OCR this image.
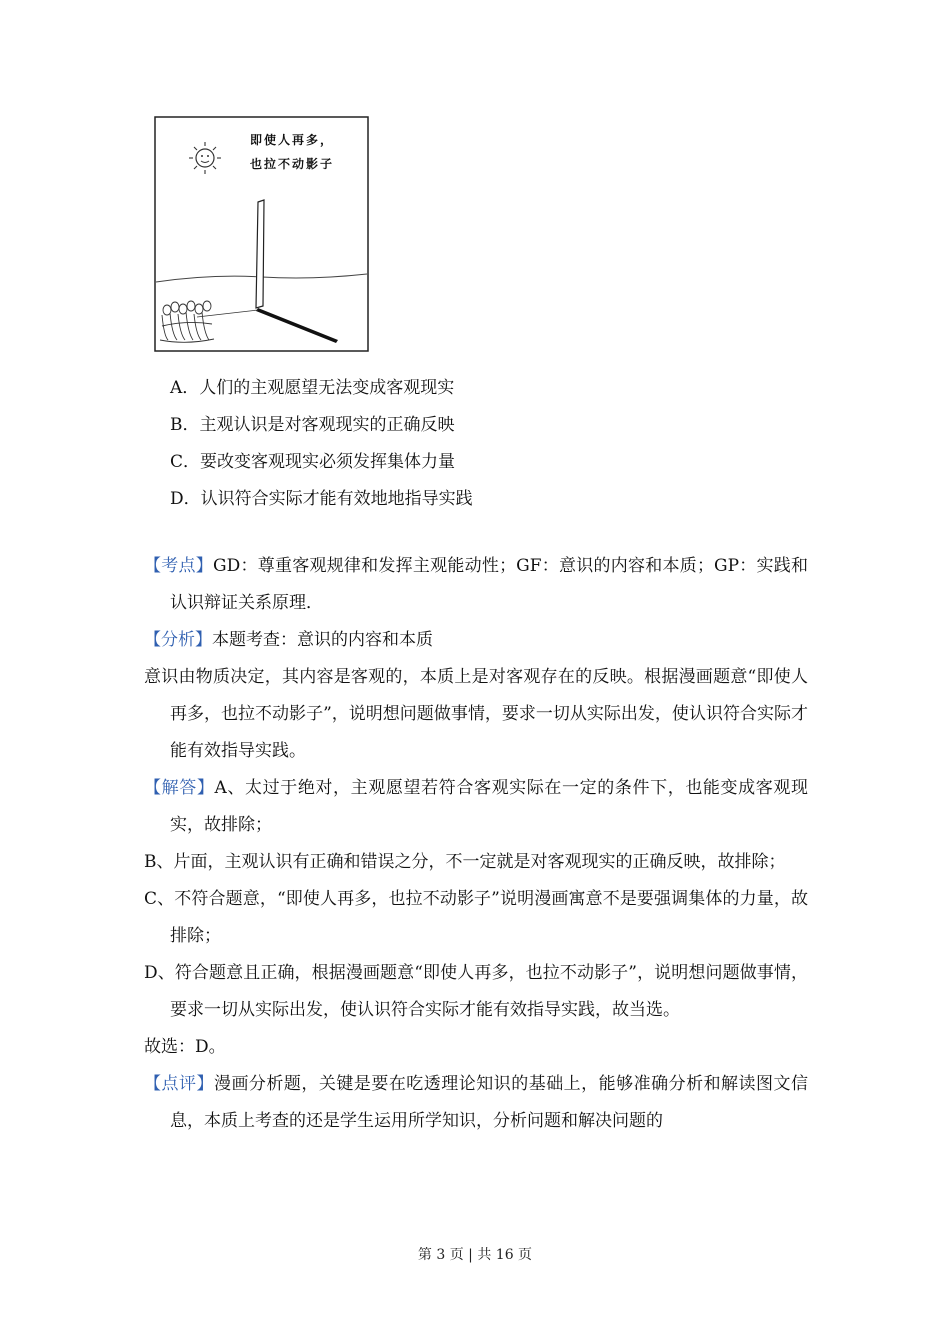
即使人再多，
也拉不动影子
A．人们的主观愿望无法变成客观现实
B．主观认识是对客观现实的正确反映
C．要改变客观现实必须发挥集体力量
D．认识符合实际才能有效地地指导实践

【考点】GD：尊重客观规律和发挥主观能动性；GF：意识的内容和本质；GP：实践和认识辩证关系原理．

【分析】本题考查：意识的内容和本质

意识由物质决定，其内容是客观的，本质上是对客观存在的反映。根据漫画题意“即使人再多，也拉不动影子”，说明想问题做事情，要求一切从实际出发，使认识符合实际才能有效指导实践。

【解答】A、太过于绝对，主观愿望若符合客观实际在一定的条件下，也能变成客观现实，故排除；

B、片面，主观认识有正确和错误之分，不一定就是对客观现实的正确反映，故排除；

C、不符合题意，“即使人再多，也拉不动影子”说明漫画寓意不是要强调集体的力量，故排除；

D、符合题意且正确，根据漫画题意“即使人再多，也拉不动影子”，说明想问题做事情，要求一切从实际出发，使认识符合实际才能有效指导实践，故当选。

故选：D。

【点评】漫画分析题，关键是要在吃透理论知识的基础上，能够准确分析和解读图文信息，本质上考查的还是学生运用所学知识，分析问题和解决问题的

第 3 页 | 共 16 页
